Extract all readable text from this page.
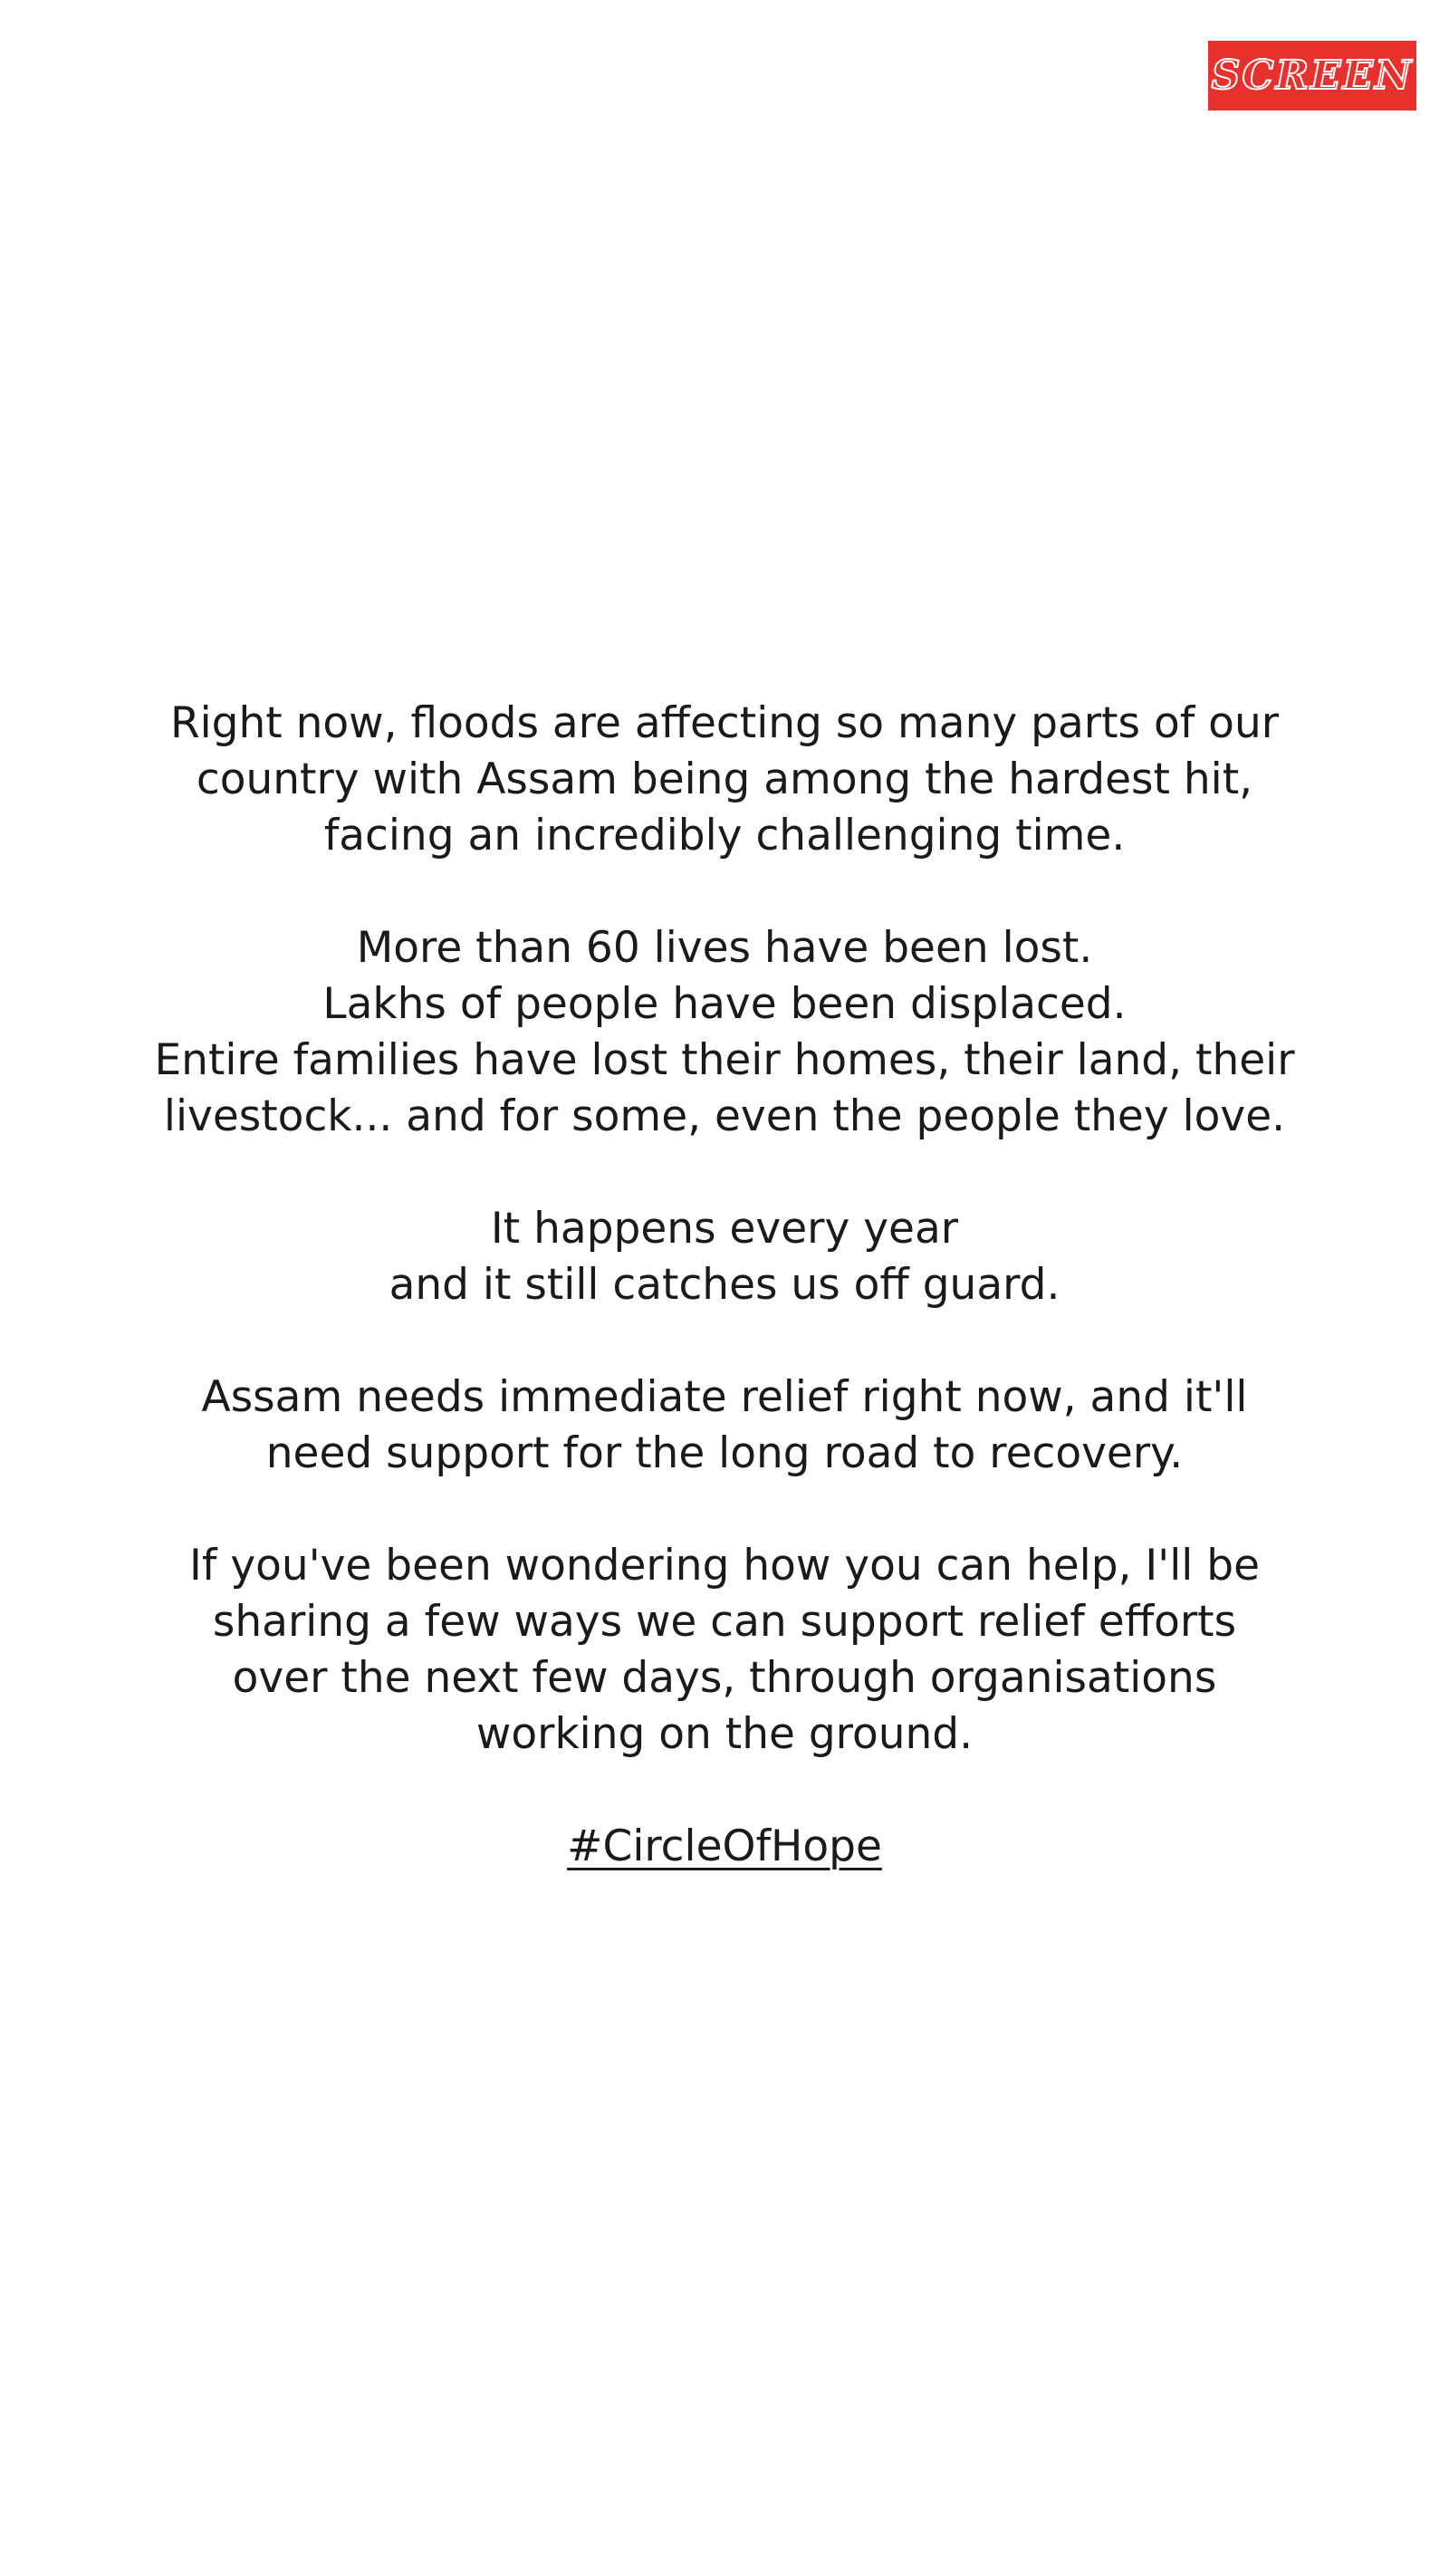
SCREEN

Right now, floods are affecting so many parts of our
country with Assam being among the hardest hit,
facing an incredibly challenging time.

More than 60 lives have been lost.
Lakhs of people have been displaced.
Entire families have lost their homes, their land, their
livestock... and for some, even the people they love.

It happens every year
and it still catches us off guard.

Assam needs immediate relief right now, and it'll
need support for the long road to recovery.

If you've been wondering how you can help, I'll be
sharing a few ways we can support relief efforts
over the next few days, through organisations
working on the ground.

#CircleOfHope
